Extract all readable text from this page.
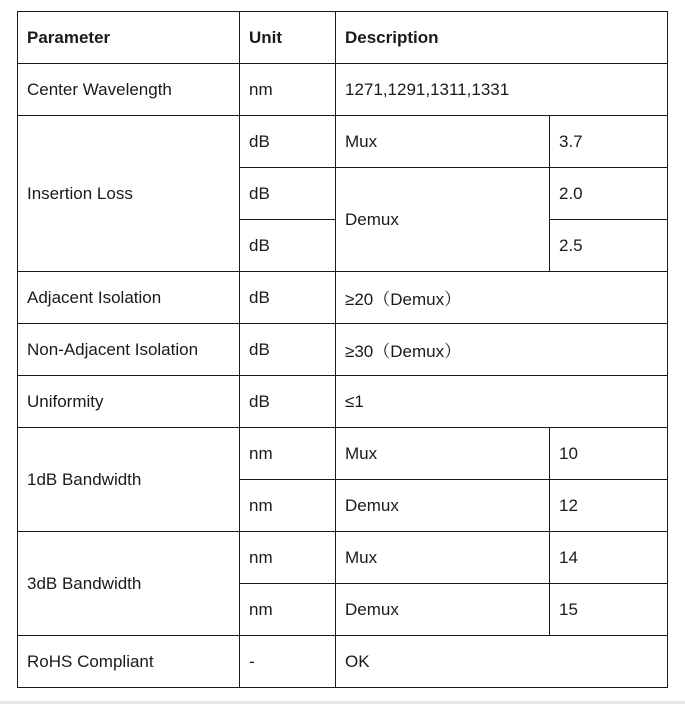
Parameter	Unit	Description	
Center Wavelength	nm	1271,1291,1311,1331	
Insertion Loss	dB	Mux	3.7
	dB	Demux	2.0
	dB		2.5
Adjacent Isolation	dB	≥20（Demux）	
Non-Adjacent Isolation	dB	≥30（Demux）	
Uniformity	dB	≤1	
1dB Bandwidth	nm	Mux	10
	nm	Demux	12
3dB Bandwidth	nm	Mux	14
	nm	Demux	15
RoHS Compliant	-	OK	
